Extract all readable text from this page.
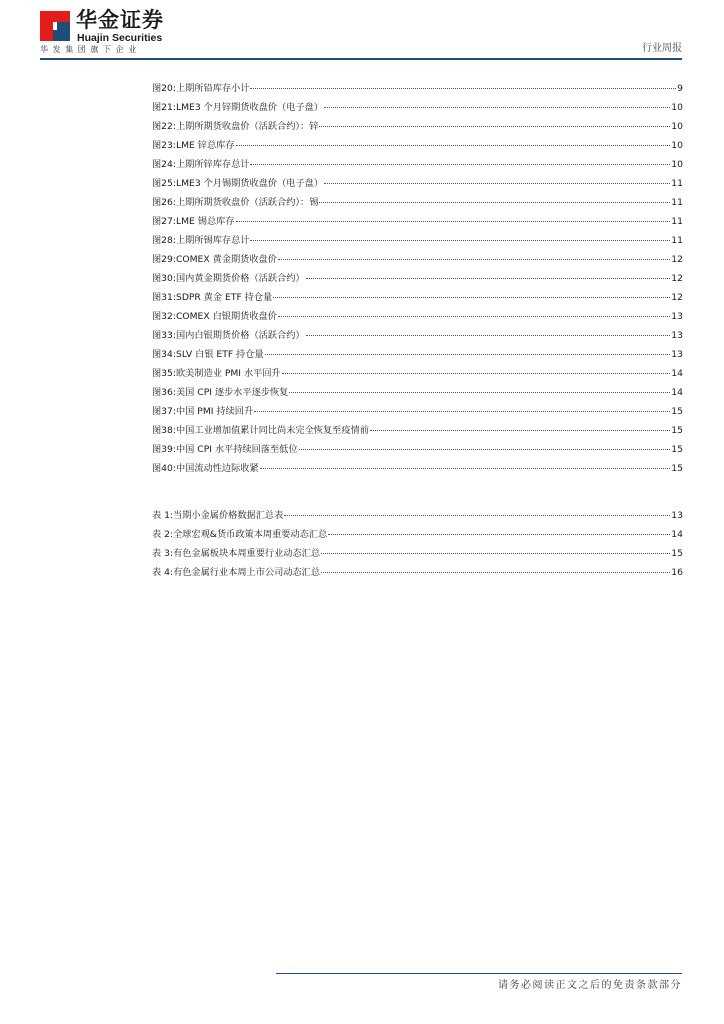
华金证券
Huajin Securities
华发集团旗下企业	行业周报
图20: 上期所铅库存小计	9
图21: LME3 个月锌期货收盘价（电子盘）	10
图22: 上期所期货收盘价（活跃合约）：锌	10
图23: LME 锌总库存	10
图24: 上期所锌库存总计	10
图25: LME3 个月锡期货收盘价（电子盘）	11
图26: 上期所期货收盘价（活跃合约）：锡	11
图27: LME 锡总库存	11
图28: 上期所锡库存总计	11
图29: COMEX 黄金期货收盘价	12
图30: 国内黄金期货价格（活跃合约）	12
图31: SDPR 黄金 ETF 持仓量	12
图32: COMEX 白银期货收盘价	13
图33: 国内白银期货价格（活跃合约）	13
图34: SLV 白银 ETF 持仓量	13
图35: 欧美制造业 PMI 水平回升	14
图36: 美国 CPI 逐步水平逐步恢复	14
图37: 中国 PMI 持续回升	15
图38: 中国工业增加值累计同比尚未完全恢复至疫情前	15
图39: 中国 CPI 水平持续回落至低位	15
图40: 中国流动性边际收紧	15
表 1: 当期小金属价格数据汇总表	13
表 2: 全球宏观&货币政策本周重要动态汇总	14
表 3: 有色金属板块本周重要行业动态汇总	15
表 4: 有色金属行业本周上市公司动态汇总	16
请务必阅读正文之后的免责条款部分
